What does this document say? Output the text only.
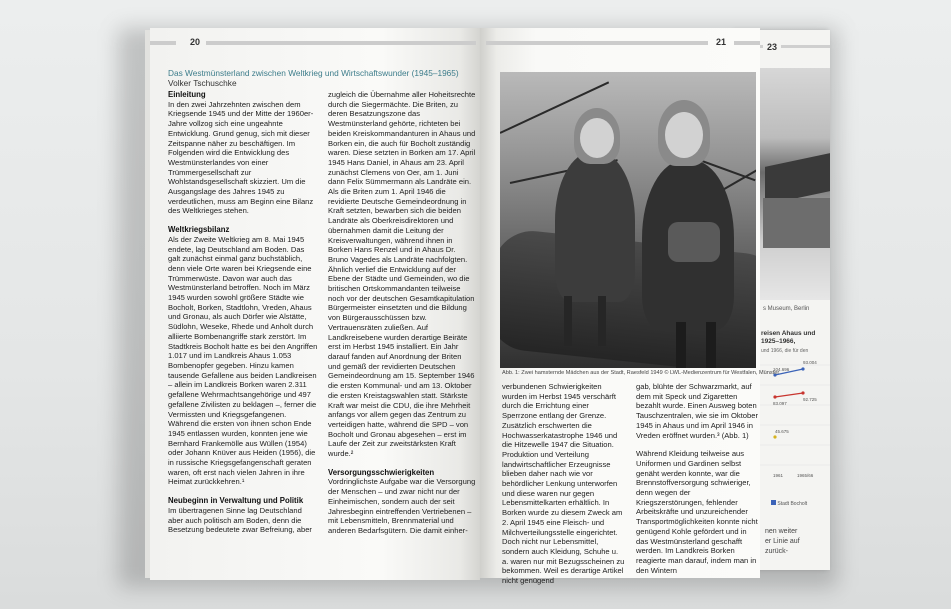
23
s Museum, Berlin
reisen Ahaus und
1925–1966,
und 1966, die für den
93.004
104.696
92.725
83.097
45.675
1961	1965/66
Stadt Bocholt
nen weiter
er Linie auf
zurück-
20
Das Westmünsterland zwischen Weltkrieg und Wirtschaftswunder (1945–1965)
Volker Tschuschke
Einleitung

In den zwei Jahrzehnten zwischen dem Kriegsende 1945 und der Mitte der 1960er-Jahre vollzog sich eine ungeahnte Entwicklung. Grund genug, sich mit dieser Zeitspanne näher zu beschäftigen. Im Folgenden wird die Entwicklung des Westmünsterlandes von einer Trümmergesellschaft zur Wohlstandsgesellschaft skizziert. Um die Ausgangslage des Jahres 1945 zu verdeutlichen, muss am Beginn eine Bilanz des Weltkrieges stehen.

Weltkriegsbilanz

Als der Zweite Weltkrieg am 8. Mai 1945 endete, lag Deutschland am Boden. Das galt zunächst einmal ganz buchstäblich, denn viele Orte waren bei Kriegsende eine Trümmerwüste. Davon war auch das Westmünsterland betroffen. Noch im März 1945 wurden sowohl größere Städte wie Bocholt, Borken, Stadtlohn, Vreden, Ahaus und Gronau, als auch Dörfer wie Alstätte, Südlohn, Weseke, Rhede und Anholt durch alliierte Bombenangriffe stark zerstört. Im Stadtkreis Bocholt hatte es bei den Angriffen 1.017 und im Landkreis Ahaus 1.053 Bombenopfer gegeben. Hinzu kamen tausende Gefallene aus beiden Landkreisen – allein im Landkreis Borken waren 2.311 gefallene Wehrmachtsangehörige und 497 gefallene Zivilisten zu beklagen –, ferner die Vermissten und Kriegsgefangenen. Während die ersten von ihnen schon Ende 1945 entlassen wurden, konnten jene wie Bernhard Frankemölle aus Wüllen (1954) oder Johann Knüver aus Heiden (1956), die in russische Kriegsgefangenschaft geraten waren, oft erst nach vielen Jahren in ihre Heimat zurückkehren.¹

Neubeginn in Verwaltung und Politik

Im übertragenen Sinne lag Deutschland aber auch politisch am Boden, denn die Besetzung bedeutete zwar Befreiung, aber

zugleich die Übernahme aller Hoheitsrechte durch die Siegermächte. Die Briten, zu deren Besatzungszone das Westmünsterland gehörte, richteten bei beiden Kreiskommandanturen in Ahaus und Borken ein, die auch für Bocholt zuständig waren. Diese setzten in Borken am 17. April 1945 Hans Daniel, in Ahaus am 23. April zunächst Clemens von Oer, am 1. Juni dann Felix Sümmermann als Landräte ein. Als die Briten zum 1. April 1946 die revidierte Deutsche Gemeindeordnung in Kraft setzten, bewarben sich die beiden Landräte als Oberkreisdirektoren und übernahmen damit die Leitung der Kreisverwaltungen, während ihnen in Borken Hans Renzel und in Ahaus Dr. Bruno Vagedes als Landräte nachfolgten. Ähnlich verlief die Entwicklung auf der Ebene der Städte und Gemeinden, wo die britischen Ortskommandanten teilweise noch vor der deutschen Gesamtkapitulation Bürgermeister einsetzten und die Bildung von Bürgerausschüssen bzw. Vertrauensräten zuließen. Auf Landkreisebene wurden derartige Beiräte erst im Herbst 1945 installiert. Ein Jahr darauf fanden auf Anordnung der Briten und gemäß der revidierten Deutschen Gemeindeordnung am 15. September 1946 die ersten Kommunal- und am 13. Oktober die ersten Kreistagswahlen statt. Stärkste Kraft war meist die CDU, die ihre Mehrheit anfangs vor allem gegen das Zentrum zu verteidigen hatte, während die SPD – von Bocholt und Gronau abgesehen – erst im Laufe der Zeit zur zweitstärksten Kraft wurde.²

Versorgungsschwierigkeiten

Vordringlichste Aufgabe war die Versorgung der Menschen – und zwar nicht nur der Einheimischen, sondern auch der seit Jahresbeginn eintreffenden Vertriebenen – mit Lebensmitteln, Brennmaterial und anderen Bedarfsgütern. Die damit einher-

21
Abb. 1: Zwei hamsternde Mädchen aus der Stadt, Raesfeld 1949 © LWL-Medienzentrum für Westfalen, Münster

verbundenen Schwierigkeiten wurden im Herbst 1945 verschärft durch die Errichtung einer Sperrzone entlang der Grenze. Zusätzlich erschwerten die Hochwasserkatastrophe 1946 und die Hitzewelle 1947 die Situation. Produktion und Verteilung landwirtschaftlicher Erzeugnisse blieben daher nach wie vor behördlicher Lenkung unterworfen und diese waren nur gegen Lebensmittelkarten erhältlich. In Borken wurde zu diesem Zweck am 2. April 1945 eine Fleisch- und Milchverteilungsstelle eingerichtet. Doch nicht nur Lebensmittel, sondern auch Kleidung, Schuhe u. a. waren nur mit Bezugsscheinen zu bekommen. Weil es derartige Artikel nicht genügend

gab, blühte der Schwarzmarkt, auf dem mit Speck und Zigaretten bezahlt wurde. Einen Ausweg boten Tauschzentralen, wie sie im Oktober 1945 in Ahaus und im April 1946 in Vreden eröffnet wurden.³ (Abb. 1)

Während Kleidung teilweise aus Uniformen und Gardinen selbst genäht werden konnte, war die Brennstoffversorgung schwieriger, denn wegen der Kriegszerstörungen, fehlender Arbeitskräfte und unzureichender Transportmöglichkeiten konnte nicht genügend Kohle gefördert und in das Westmünsterland geschafft werden. Im Landkreis Borken reagierte man darauf, indem man in den Wintern
